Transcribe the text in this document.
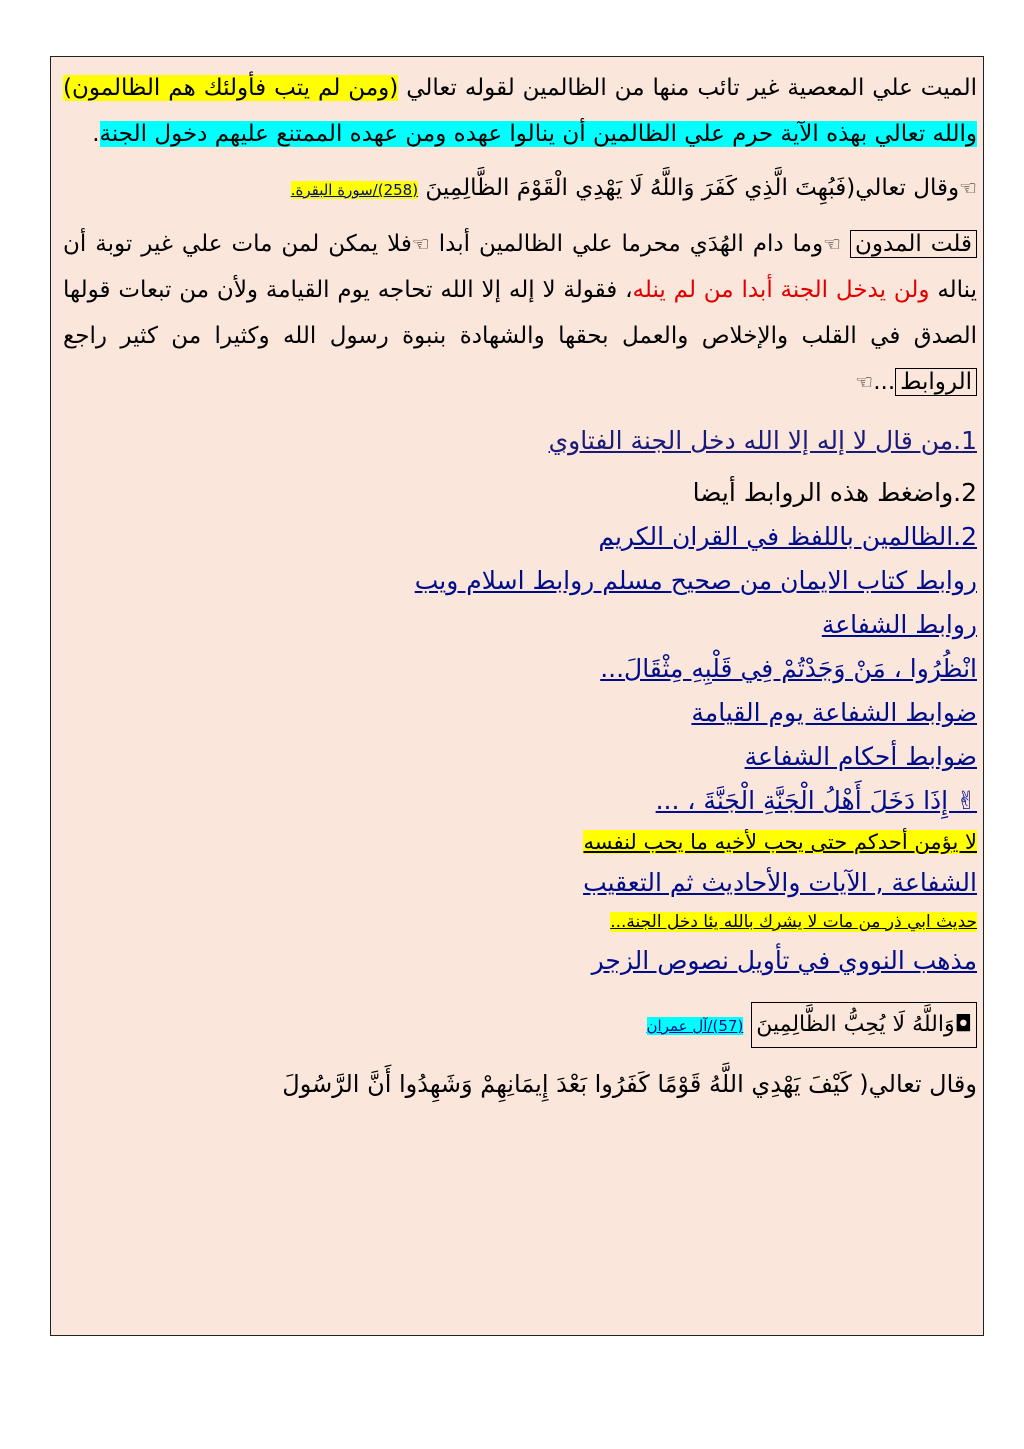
الميت علي المعصية غير تائب منها من الظالمين لقوله تعالي (ومن لم يتب فأولئك هم الظالمون) والله تعالي بهذه الآية حرم علي الظالمين أن ينالوا عهده ومن عهده الممتنع عليهم دخول الجنة.

☜وقال تعالي(فَبُهِتَ الَّذِي كَفَرَ وَاللَّهُ لَا يَهْدِي الْقَوْمَ الظَّالِمِينَ (258)/سورة البقرة.

قلت المدون ☜وما دام الهُدَي محرما علي الظالمين أبدا ☜فلا يمكن لمن مات علي غير توبة أن يناله ولن يدخل الجنة أبدا من لم ينله، فقولة لا إله إلا الله تحاجه يوم القيامة ولأن من تبعات قولها الصدق في القلب والإخلاص والعمل بحقها والشهادة بنبوة رسول الله وكثيرا من كثير راجع الروابط...☜

1.من قال لا إله إلا الله دخل الجنة الفتاوي

2.واضغط هذه الروابط أيضا

2.الظالمين باللفظ في القران الكريم

روابط كتاب الايمان من صحيح مسلم روابط اسلام ويب

روابط الشفاعة

انْظُرُوا ، مَنْ وَجَدْتُمْ فِي قَلْبِهِ مِثْقَالَ...

ضوابط الشفاعة يوم القيامة

ضوابط أحكام الشفاعة

✌ إِذَا دَخَلَ أَهْلُ الْجَنَّةِ الْجَنَّةَ ، ...

لا يؤمن أحدكم حتى يحب لأخيه ما يحب لنفسه

الشفاعة , الآيات والأحاديث ثم التعقيب

حديث ابي ذر من مات لا يشرك بالله يئا دخل الجنة...

مذهب النووي في تأويل نصوص الزجر

◘وَاللَّهُ لَا يُحِبُّ الظَّالِمِينَ (57)/آل عمران

وقال تعالي( كَيْفَ يَهْدِي اللَّهُ قَوْمًا كَفَرُوا بَعْدَ إِيمَانِهِمْ وَشَهِدُوا أَنَّ الرَّسُولَ
